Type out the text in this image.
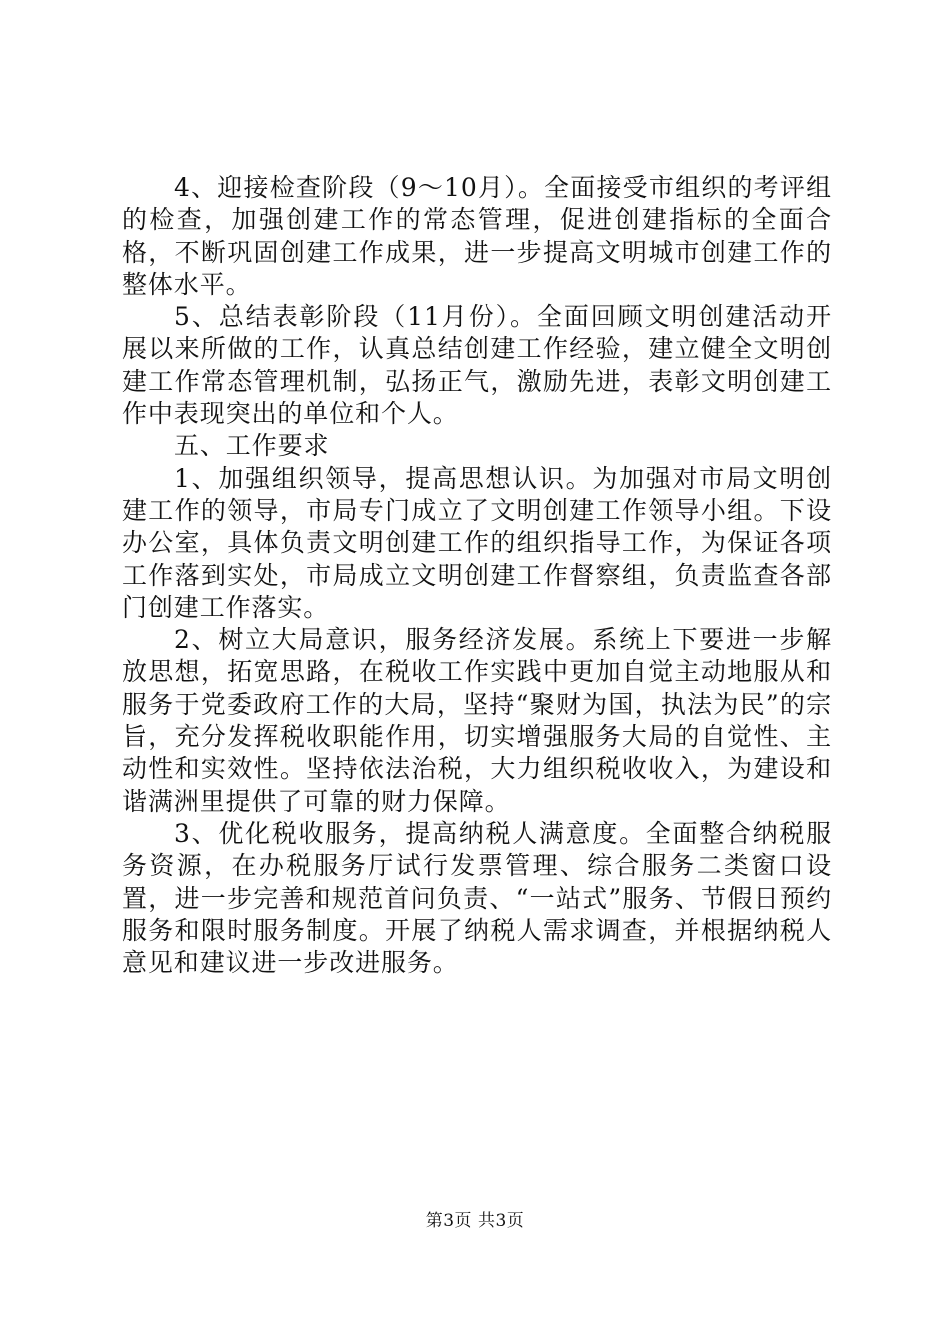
4、迎接检查阶段（9～10月）。全面接受市组织的考评组的检查，加强创建工作的常态管理，促进创建指标的全面合格，不断巩固创建工作成果，进一步提高文明城市创建工作的整体水平。

5、总结表彰阶段（11月份）。全面回顾文明创建活动开展以来所做的工作，认真总结创建工作经验，建立健全文明创建工作常态管理机制，弘扬正气，激励先进，表彰文明创建工作中表现突出的单位和个人。

五、工作要求

1、加强组织领导，提高思想认识。为加强对市局文明创建工作的领导，市局专门成立了文明创建工作领导小组。下设办公室，具体负责文明创建工作的组织指导工作，为保证各项工作落到实处，市局成立文明创建工作督察组，负责监查各部门创建工作落实。

2、树立大局意识，服务经济发展。系统上下要进一步解放思想，拓宽思路，在税收工作实践中更加自觉主动地服从和服务于党委政府工作的大局，坚持“聚财为国，执法为民”的宗旨，充分发挥税收职能作用，切实增强服务大局的自觉性、主动性和实效性。坚持依法治税，大力组织税收收入，为建设和谐满洲里提供了可靠的财力保障。

3、优化税收服务，提高纳税人满意度。全面整合纳税服务资源，在办税服务厅试行发票管理、综合服务二类窗口设置，进一步完善和规范首问负责、“一站式”服务、节假日预约服务和限时服务制度。开展了纳税人需求调查，并根据纳税人意见和建议进一步改进服务。

第3页 共3页
